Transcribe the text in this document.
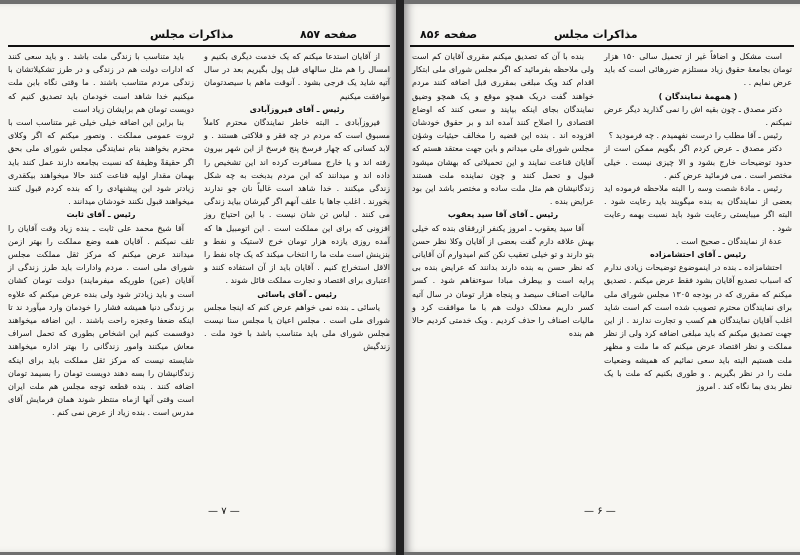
مذاکرات مجلس	صفحه ۸۵۷

باید متناسب با زندگی ملت باشد . و باید سعی کنند که ادارات دولت هم در زندگی و در طرز تشکیلاتشان با زندگی مردم متناسب باشند . ما وقتی نگاه بابن ملت میکنیم خدا شاهد است خودمان باید تصدیق کنیم که دویست تومان هم برایشان زیاد است

بنا براین این اضافه خیلی خیلی غیر متناسب است با ثروت عمومی مملکت . ونصور میکنم که اگر وکلای محترم بخواهند بنام نمایندگی مجلس شورای ملی بحق اگر حقیقةً وظیفهٔ که نسبت بجامعه دارند عمل کنند باید بهمان مقدار اولیه قناعت کنند حالا میخواهند بیکقدری زیادتر شود این پیشنهادی را که بنده کردم قبول کنند میخواهند قبول نکنند خودشان میدانند .

رئیس ـ آقای ثابت

آقا شیخ محمد علی ثابت ـ بنده زیاد وقت آقایان را تلف نمیکنم . آقایان همه وضع مملکت را بهتر ازمن میدانند عرض میکنم که مرکز ثقل مملکت مجلس شورای ملی است . مردم وادارات باید طرز زندگی از آقایان (عین) طوریکه میفرمایند) دولت تومان کشان است و باید زیادتر شود ولی بنده عرض میکنم که علاوه بر زندگی دنیا همیشه فشار را خودمان وارد میآورد ند تا اینکه ضعفا وعجزه راحت باشند . این اضافه میخواهند دوقسمت کنیم این اشخاص بطوری که تحمل اسراف معاش میکنند وامور زندگانی را بهتر اداره میخواهند شایسته نیست که مرکز ثقل مملکت باید برای اینکه زندگانیشان را بسه دهند دویست تومان را بسیمد تومان اضافه کنند . بنده قطعه توجه مجلس هم ملت ایران است وقتی آنها ازماه منتظر شوند همان فرمایش آقای مدرس است . بنده زیاد از عرض نمی کنم .

از آقایان استدعا میکنم که یک خدمت دیگری بکنیم و امسال را هم مثل سالهای قبل پول بگیریم بعد در سال آتیه شاید یک فرجی بشود . آنوقت ماهم با سیصدتومان موافقت میکنیم

رئیس ـ آقای فیروزآبادی

فیروزآبادی ـ البته خاطر نمایندگان محترم کاملاً مسبوق است که مردم در چه فقر و فلاکتی هستند . و لابد کسانی که چهار فرسخ پنج فرسخ از این شهر بیرون رفته اند و یا خارج مسافرت کرده اند این تشخیص را داده اند و میدانند که این مردم بدبخت به چه شکل زندگی میکنند . خدا شاهد است غالباً نان جو ندارند بخورند . اغلب جاها با علف آنهم اگر گیرشان بیاید زندگی می کنند . لباس تن شان نیست . با این احتیاج روز افزونی که برای این مملکت است . این اتومبیل ها که آمده روزی یازده هزار تومان خرج لاستیک و نفط و بنزینش است ملت ما را انتخاب میکند که یک چاه نفط را الاقل استخراج کنیم . آقایان باید از آن استفاده کنند و اعتباری برای اقتصاد و تجارت مملکت قائل شوند .

رئیس ـ آقای یاسائی

یاسائی ـ بنده نمی خواهم عرض کنم که اینجا مجلس شورای ملی است . مجلس اعیان یا مجلس سنا نیست مجلس شورای ملی باید متناسب باشد با خود ملت . زندگیش

— ۷ —
صفحه ۸۵۶	مذاکرات مجلس

بنده با آن که تصدیق میکنم مقرری آقایان کم است ولی ملاحظه بفرمائید که اگر مجلس شورای ملی ابتکار اقدام کند ویک مبلغی بمقرری قبل اضافه کنند مردم خواهند گفت دریک همچو موقع و یک همچو وضیق نمایندگان بجای اینکه بیایند و سعی کنند که اوضاع اقتصادی را اصلاح کنند آمده اند و بر حقوق خودشان افزوده اند . بنده این قضیه را مخالف حیثیات وشؤن مجلس شورای ملی میدانم و باین جهت معتقد هستم که آقایان قناعت نمایند و این تحمیلاتی که بهشان میشود قبول و تحمل کنند و چون نماینده ملت هستند زندگانیشان هم مثل ملت ساده و مختصر باشد این بود عرایض بنده .

رئیس ـ آقای آقا سید یعقوب

آقا سید یعقوب ـ امروز یکنفر ازرفقای بنده که خیلی بهش علاقه دارم گفت بعضی از آقایان وکلا نظر حسن بتو دارند و تو خیلی تعقیب نکن کنم امیدوارم آن آقایانی که نظر حسن به بنده دارند بدانند که عرایض بنده بی پرایه است و بیطرف مبادا سوءتفاهم شود . کسر مالیات اصناف سیصد و پنجاه هزار تومان در سال آتیه کسر داریم معذلک دولت هم با ما موافقت کرد و مالیات اصناف را حذف کردیم . ویک خدمتی کردیم حالا هم بنده

است مشکل و اضافاً غیر از تحمیل سالی ۱۵۰ هزار تومان بجامعهٔ حقوق زیاد مستلزم ضررهائی است که باید عرض نمایم . .

( همهمهٔ نمایندگان )

دکتر مصدق ـ چون بقیه اش را نمی گذارید دیگر عرض نمیکنم .

رئیس ـ آقا مطلب را درست نفهمیدم . چه فرمودید ؟

دکتر مصدق ـ عرض کردم اگر بگویم ممکن است از حدود توضیحات خارج بشود و الا چیزی نیست . خیلی مختصر است . می فرمائید عرض کنم .

رئیس ـ مادهٔ شصت وسه را البته ملاحظه فرموده اید بعضی از نمایندگان به بنده میگویند باید رعایت شود . البته اگر میبایستی رعایت شود باید نسبت بهمه رعایت شود .

عدهٔ از نمایندگان ـ صحیح است .

رئیس ـ آقای احتشامزاده

احتشامزاده ـ بنده در اینموضوع توضیحات زیادی ندارم که اسباب تصدیع آقایان بشود فقط عرض میکنم . تصدیق میکنم که مقرری که در بودجه ۱۳۰۵ مجلس شورای ملی برای نمایندگان محترم تصویب شده است کم است شاید اغلب آقایان نمایندگان هم کسب و تجارت ندارند . از این جهت تصدیق میکنم که باید مبلغی اضافه کرد ولی از نظر مملکت و نظر اقتصاد عرض میکنم که ما ملت و مظهر ملت هستیم البته باید سعی نمائیم که همیشه وضعیات ملت را در نظر بگیریم . و طوری بکنیم که ملت با یک نظر بدی بما نگاه کند . امروز

— ۶ —
